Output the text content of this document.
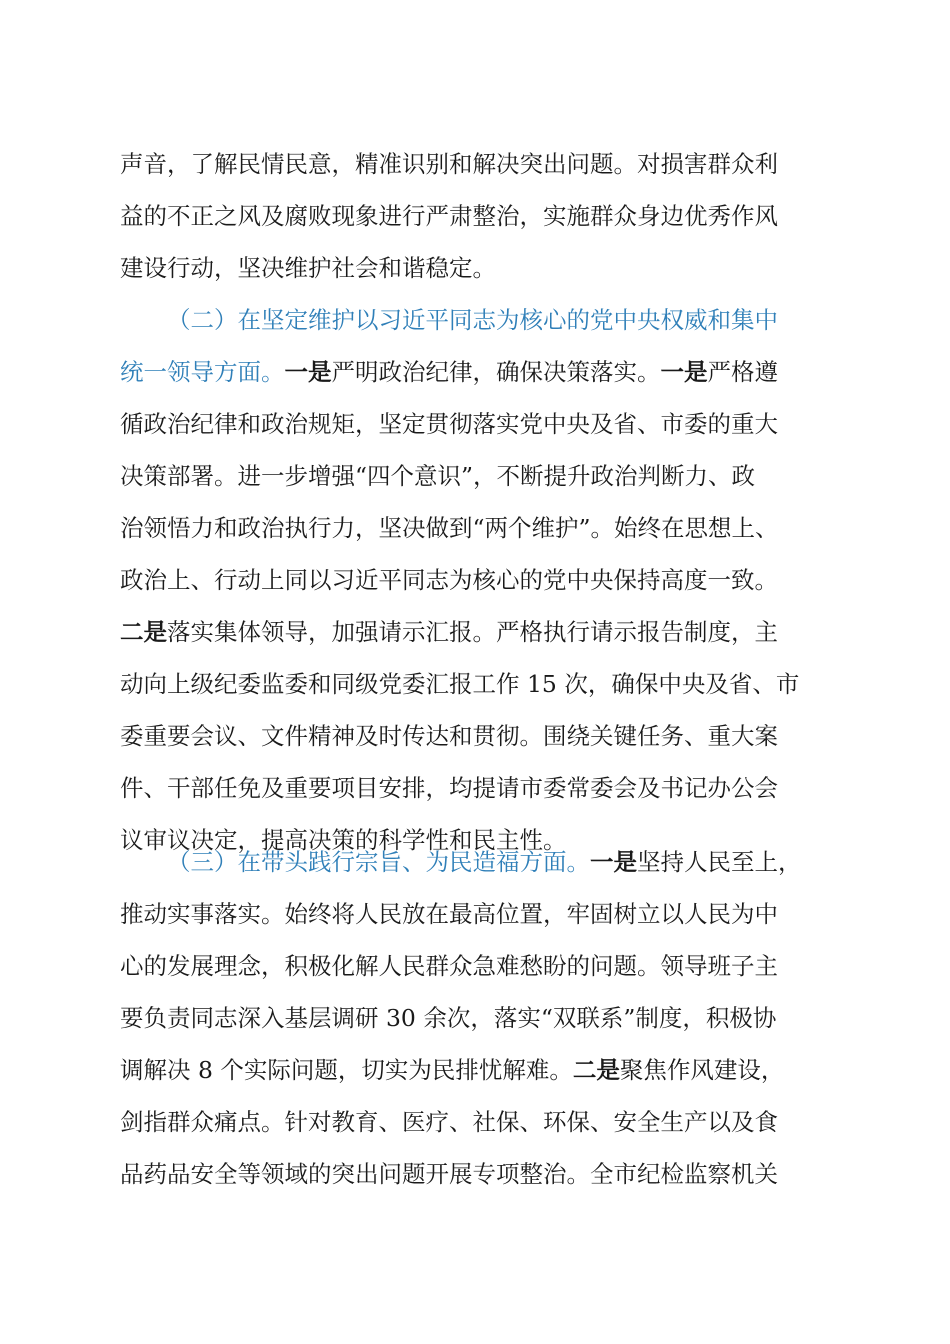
声音，了解民情民意，精准识别和解决突出问题。对损害群众利
益的不正之风及腐败现象进行严肃整治，实施群众身边优秀作风
建设行动，坚决维护社会和谐稳定。
（二）在坚定维护以习近平同志为核心的党中央权威和集中
统一领导方面。一是严明政治纪律，确保决策落实。一是严格遵
循政治纪律和政治规矩，坚定贯彻落实党中央及省、市委的重大
决策部署。进一步增强“四个意识”，不断提升政治判断力、政
治领悟力和政治执行力，坚决做到“两个维护”。始终在思想上、
政治上、行动上同以习近平同志为核心的党中央保持高度一致。
二是落实集体领导，加强请示汇报。严格执行请示报告制度，主
动向上级纪委监委和同级党委汇报工作 15 次，确保中央及省、市
委重要会议、文件精神及时传达和贯彻。围绕关键任务、重大案
件、干部任免及重要项目安排，均提请市委常委会及书记办公会
议审议决定，提高决策的科学性和民主性。
（三）在带头践行宗旨、为民造福方面。一是坚持人民至上，
推动实事落实。始终将人民放在最高位置，牢固树立以人民为中
心的发展理念，积极化解人民群众急难愁盼的问题。领导班子主
要负责同志深入基层调研 30 余次，落实“双联系”制度，积极协
调解决 8 个实际问题，切实为民排忧解难。二是聚焦作风建设，
剑指群众痛点。针对教育、医疗、社保、环保、安全生产以及食
品药品安全等领域的突出问题开展专项整治。全市纪检监察机关
